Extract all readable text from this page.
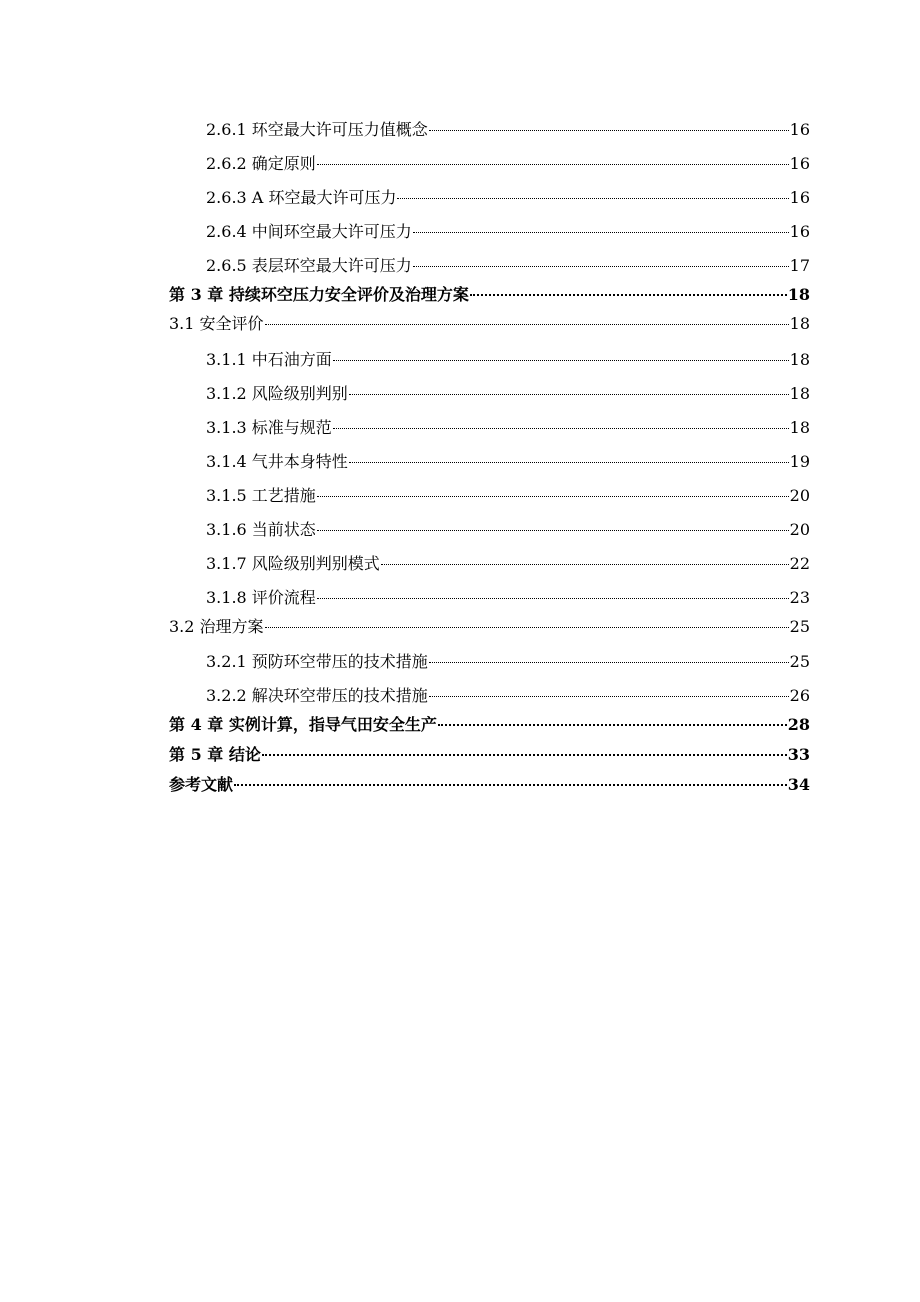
2.6.1 环空最大许可压力值概念	16
2.6.2 确定原则	16
2.6.3 A 环空最大许可压力	16
2.6.4 中间环空最大许可压力	16
2.6.5 表层环空最大许可压力	17
第 3 章 持续环空压力安全评价及治理方案	18
3.1 安全评价	18
3.1.1 中石油方面	18
3.1.2 风险级别判别	18
3.1.3 标准与规范	18
3.1.4 气井本身特性	19
3.1.5 工艺措施	20
3.1.6 当前状态	20
3.1.7 风险级别判别模式	22
3.1.8 评价流程	23
3.2 治理方案	25
3.2.1 预防环空带压的技术措施	25
3.2.2 解决环空带压的技术措施	26
第 4 章 实例计算，指导气田安全生产	28
第 5 章 结论	33
参考文献	34
